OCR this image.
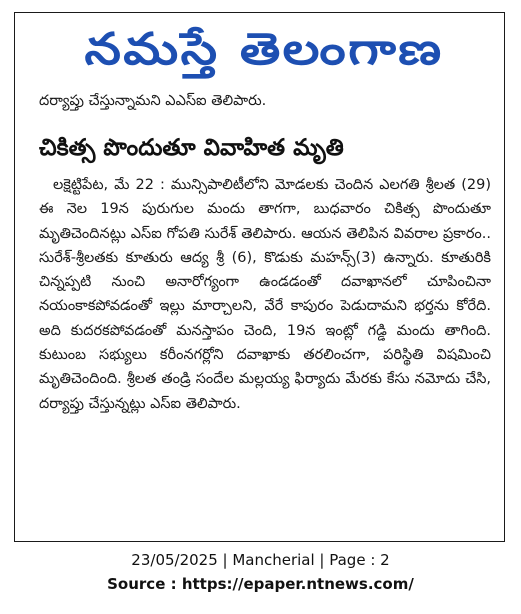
నమస్తే తెలంగాణ

దర్యాప్తు చేస్తున్నామని ఎఎస్ఐ తెలిపారు.

చికిత్స పొందుతూ వివాహిత మృతి

లక్షెట్టిపేట, మే 22 : మున్సిపాలిటీలోని మోడలకు చెందిన ఎలగతి శ్రీలత (29) ఈ నెల 19న పురుగుల మందు తాగగా, బుధవారం చికిత్స పొందుతూ మృతిచెందినట్లు ఎస్ఐ గోపతి సురేశ్ తెలిపారు. ఆయన తెలిపిన వివరాల ప్రకారం.. సురేశ్-శ్రీలతకు కూతురు ఆద్య శ్రీ (6), కొడుకు మహన్స్(3) ఉన్నారు. కూతురికి చిన్నప్పటి నుంచి అనారోగ్యంగా ఉండడంతో దవాఖానలో చూపించినా నయంకాకపోవడంతో ఇల్లు మార్చాలని, వేరే కాపురం పెడుదామని భర్తను కోరేది. అది కుదరకపోవడంతో మనస్తాపం చెంది, 19న ఇంట్లో గడ్డి మందు తాగింది. కుటుంబ సభ్యులు కరీంనగర్లోని దవాఖాకు తరలించగా, పరిస్థితి విషమించి మృతిచెందింది. శ్రీలత తండ్రి సందేల మల్లయ్య ఫిర్యాదు మేరకు కేసు నమోదు చేసి, దర్యాప్తు చేస్తున్నట్లు ఎస్ఐ తెలిపారు.

23/05/2025 | Mancherial | Page : 2
Source : https://epaper.ntnews.com/
